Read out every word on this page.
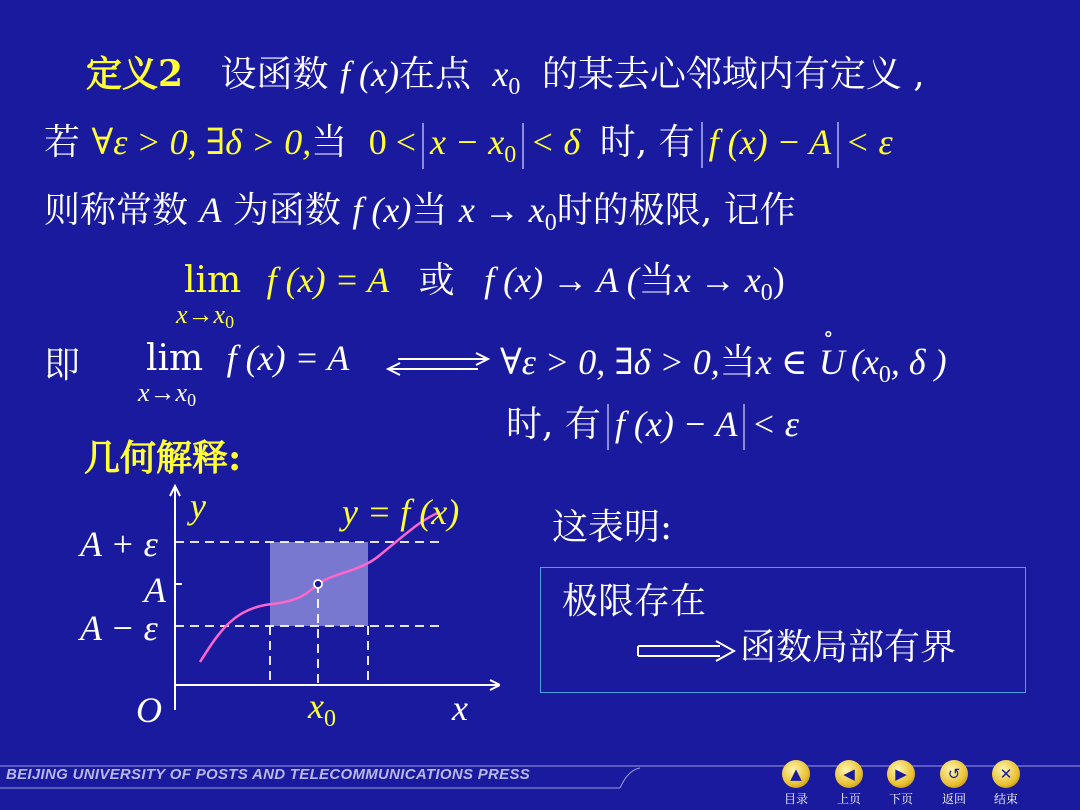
定义2 设函数 f (x)在点 $x_0$ 的某去心邻域内有定义 ,
若 ∀ε > 0, ∃δ > 0,当 $0 < x - x_0 < \delta$ 时, 有 f (x) − A < ε
则称常数 A 为函数 f (x)当 $x \to x_0$时的极限, 记作
lim f (x) = A 或 f (x) → A (当$x \to x_0$)
x→x0
即 lim f (x) = A
x→x0
∀ε > 0, ∃δ > 0,当x ∈
∘
U ($x_0$, δ )
时, 有 f (x) − A < ε
几何解释:
y	y = f (x)
A + ε
A
A − ε
O	$x_0$	x
这表明:
极限存在
函数局部有界
BEIJING UNIVERSITY OF POSTS AND TELECOMMUNICATIONS PRESS	▲
目录
◀
上页
▶
下页
↺
返回
✕
结束
